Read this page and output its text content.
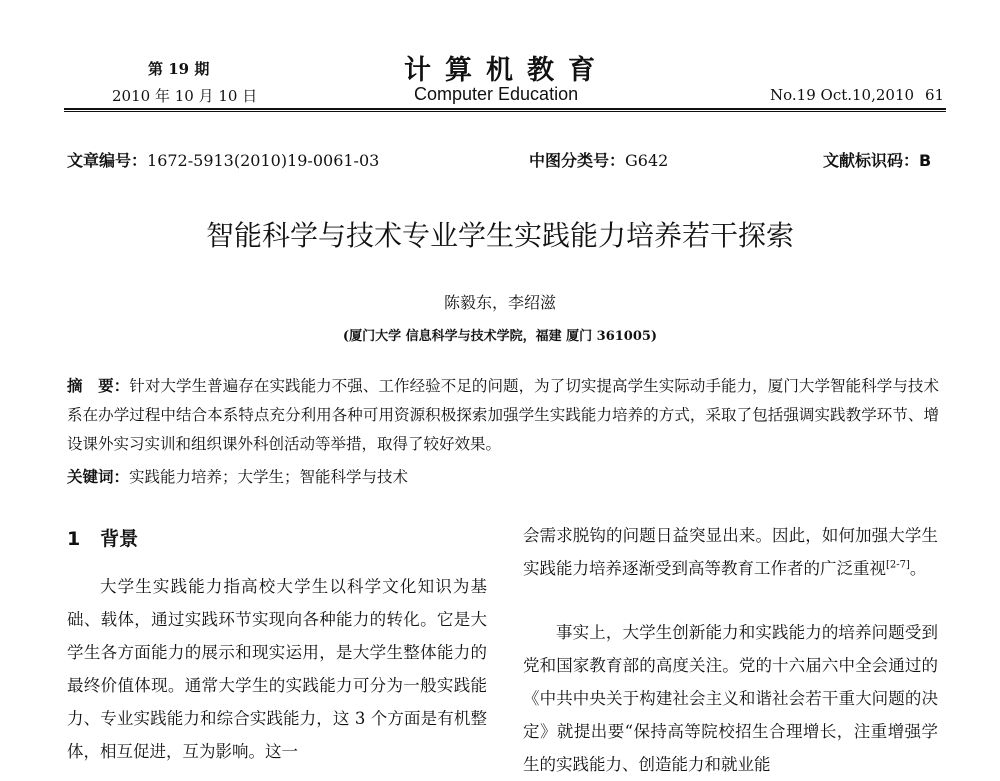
第 19 期
2010 年 10 月 10 日
计算机教育
Computer Education	No.19 Oct.10,2010 61
文章编号：1672-5913(2010)19-0061-03	中图分类号：G642	文献标识码：B
智能科学与技术专业学生实践能力培养若干探索
陈毅东，李绍滋
(厦门大学 信息科学与技术学院，福建 厦门 361005)
摘　要：针对大学生普遍存在实践能力不强、工作经验不足的问题，为了切实提高学生实际动手能力，厦门大学智能科学与技术系在办学过程中结合本系特点充分利用各种可用资源积极探索加强学生实践能力培养的方式，采取了包括强调实践教学环节、增设课外实习实训和组织课外科创活动等举措，取得了较好效果。
关键词：实践能力培养；大学生；智能科学与技术
1 背景
大学生实践能力指高校大学生以科学文化知识为基础、载体，通过实践环节实现向各种能力的转化。它是大学生各方面能力的展示和现实运用，是大学生整体能力的最终价值体现。通常大学生的实践能力可分为一般实践能力、专业实践能力和综合实践能力，这 3 个方面是有机整体，相互促进，互为影响。这一
会需求脱钩的问题日益突显出来。因此，如何加强大学生实践能力培养逐渐受到高等教育工作者的广泛重视[2-7]。
事实上，大学生创新能力和实践能力的培养问题受到党和国家教育部的高度关注。党的十六届六中全会通过的《中共中央关于构建社会主义和谐社会若干重大问题的决定》就提出要“保持高等院校招生合理增长，注重增强学生的实践能力、创造能力和就业能
